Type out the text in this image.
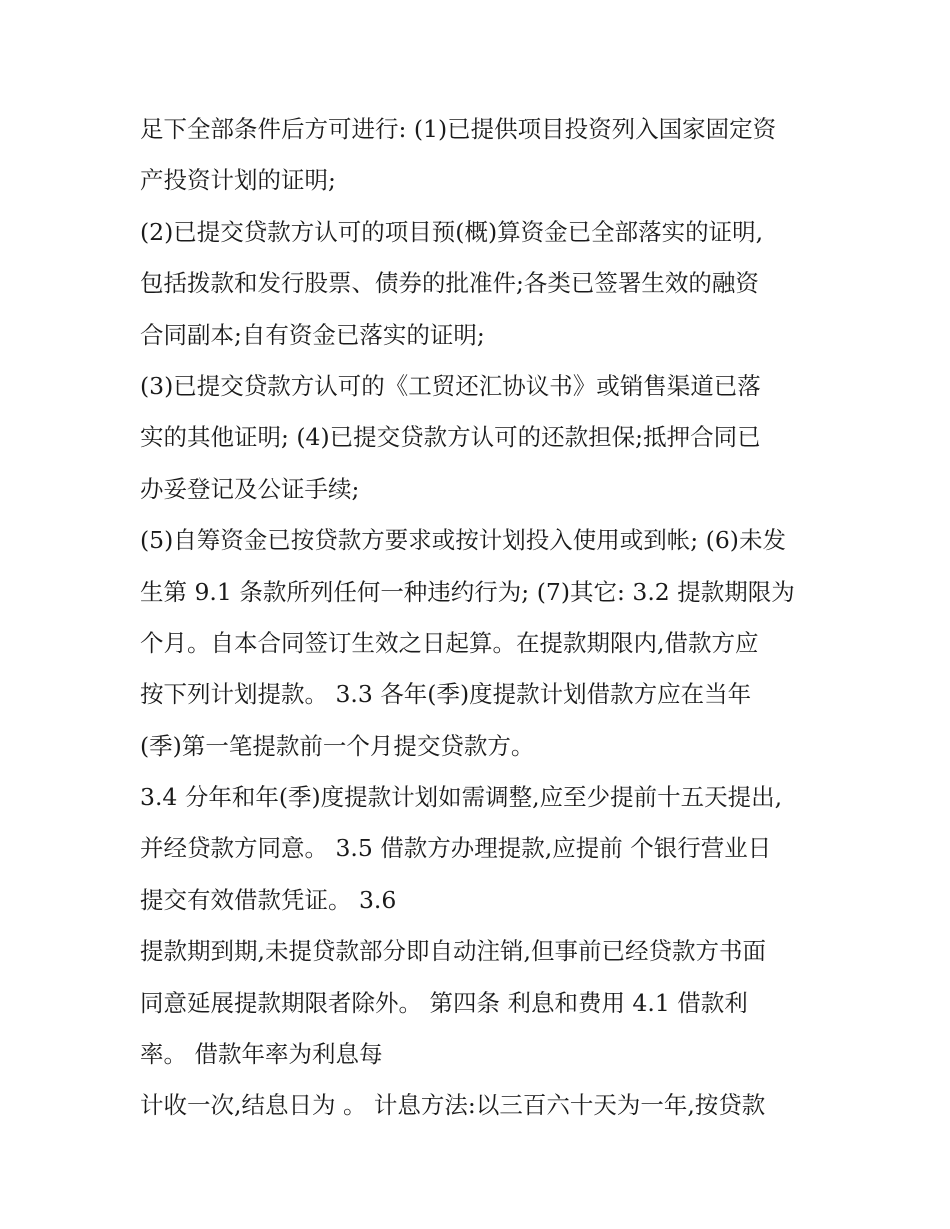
足下全部条件后方可进行: (1)已提供项目投资列入国家固定资
产投资计划的证明;
(2)已提交贷款方认可的项目预(概)算资金已全部落实的证明,
包括拨款和发行股票、债券的批准件;各类已签署生效的融资
合同副本;自有资金已落实的证明;
(3)已提交贷款方认可的《工贸还汇协议书》或销售渠道已落
实的其他证明; (4)已提交贷款方认可的还款担保;抵押合同已
办妥登记及公证手续;
(5)自筹资金已按贷款方要求或按计划投入使用或到帐; (6)未发
生第 9.1 条款所列任何一种违约行为; (7)其它: 3.2 提款期限为
个月。自本合同签订生效之日起算。在提款期限内,借款方应
按下列计划提款。 3.3 各年(季)度提款计划借款方应在当年
(季)第一笔提款前一个月提交贷款方。
3.4 分年和年(季)度提款计划如需调整,应至少提前十五天提出,
并经贷款方同意。 3.5 借款方办理提款,应提前 个银行营业日
提交有效借款凭证。 3.6
提款期到期,未提贷款部分即自动注销,但事前已经贷款方书面
同意延展提款期限者除外。 第四条 利息和费用 4.1 借款利
率。 借款年率为利息每
计收一次,结息日为 。 计息方法:以三百六十天为一年,按贷款
